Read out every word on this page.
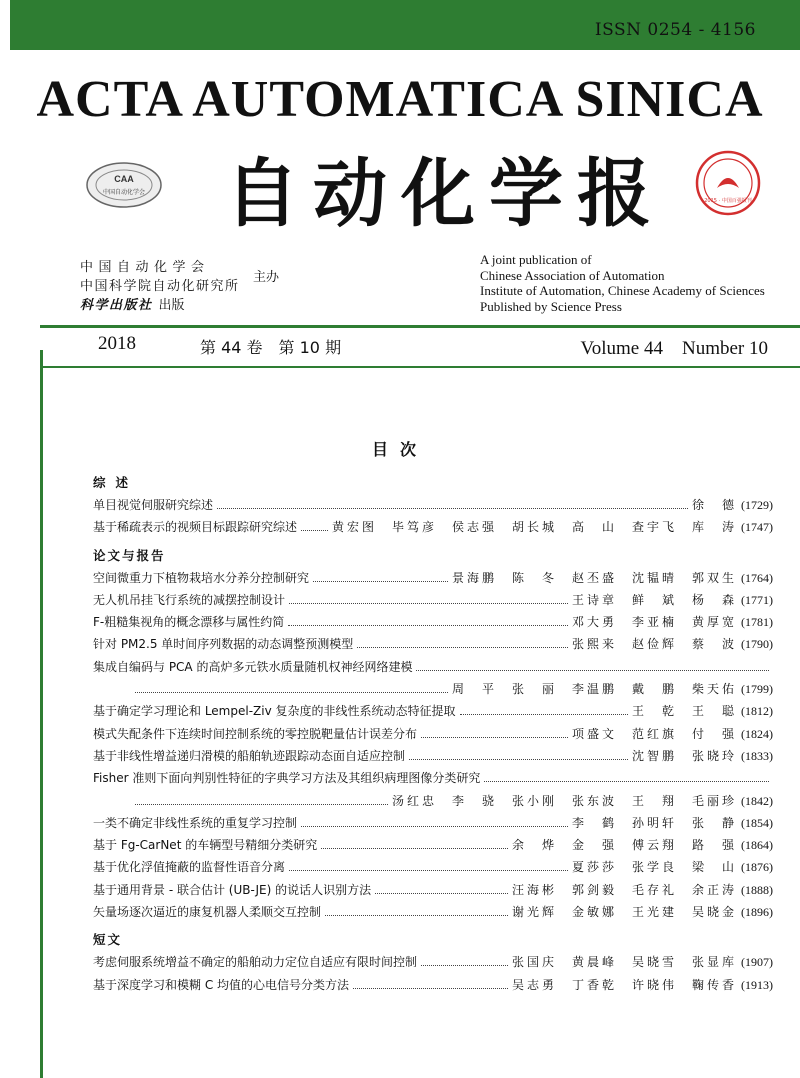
ISSN 0254 - 4156
ACTA AUTOMATICA SINICA
CAA
中国自动化学会 自动化学报	2015 · 中国百强报刊
中国自动化学会
中国科学院自动化研究所
科学出版社 出版
主办
A joint publication of
Chinese Association of Automation
Institute of Automation, Chinese Academy of Sciences
Published by Science Press
2018	第 44 卷　第 10 期	Volume 44　Number 10
目次
综述
单目视觉伺服研究综述	徐　德 (1729)
基于稀疏表示的视频目标跟踪研究综述	黄宏图　毕笃彦　侯志强　胡长城　高　山　查宇飞　库　涛 (1747)
论文与报告
空间微重力下植物栽培水分养分控制研究	景海鹏　陈　冬　赵丕盛　沈韫晴　郭双生 (1764)
无人机吊挂飞行系统的减摆控制设计	王诗章　鲜　斌　杨　森 (1771)
F-粗糙集视角的概念漂移与属性约简	邓大勇　李亚楠　黄厚宽 (1781)
针对 PM2.5 单时间序列数据的动态调整预测模型	张熙来　赵俭辉　蔡　波 (1790)
集成自编码与 PCA 的高炉多元铁水质量随机权神经网络建模
周　平　张　丽　李温鹏　戴　鹏　柴天佑 (1799)
基于确定学习理论和 Lempel-Ziv 复杂度的非线性系统动态特征提取	王　乾　王　聪 (1812)
模式失配条件下连续时间控制系统的零控脱靶量估计误差分布	项盛文　范红旗　付　强 (1824)
基于非线性增益递归滑模的船舶轨迹跟踪动态面自适应控制	沈智鹏　张晓玲 (1833)
Fisher 准则下面向判别性特征的字典学习方法及其组织病理图像分类研究
汤红忠　李　骁　张小刚　张东波　王　翔　毛丽珍 (1842)
一类不确定非线性系统的重复学习控制	李　鹤　孙明轩　张　静 (1854)
基于 Fg-CarNet 的车辆型号精细分类研究	余　烨　金　强　傅云翔　路　强 (1864)
基于优化浮值掩蔽的监督性语音分离	夏莎莎　张学良　梁　山 (1876)
基于通用背景 - 联合估计 (UB-JE) 的说话人识别方法	汪海彬　郭剑毅　毛存礼　余正涛 (1888)
矢量场逐次逼近的康复机器人柔顺交互控制	谢光辉　金敏娜　王光建　吴晓金 (1896)
短文
考虑伺服系统增益不确定的船舶动力定位自适应有限时间控制	张国庆　黄晨峰　吴晓雪　张显库 (1907)
基于深度学习和模糊 C 均值的心电信号分类方法	吴志勇　丁香乾　许晓伟　鞠传香 (1913)
